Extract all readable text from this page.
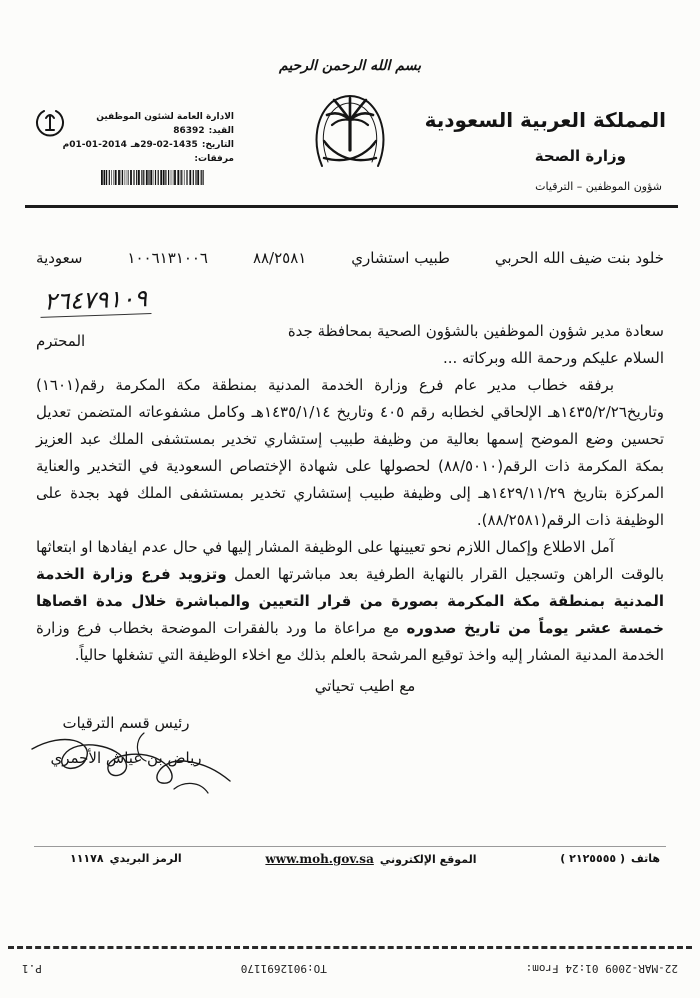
بسم الله الرحمن الرحيم
المملكة العربية السعودية
وزارة الصحة
شؤون الموظفين – الترقيات
الادارة العامة لشئون الموظفين
القيد:86392
التاريخ:1435-02-29هـ2014-01-01م
مرفقات:
خلود بنت ضيف الله الحربي
طبيب استشاري
٨٨/٢٥٨١
١٠٠٦١٣١٠٠٦
سعودية
٢٦٤٧٩١٠٩
سعادة مدير شؤون الموظفين بالشؤون الصحية بمحافظة جدة
المحترم
السلام عليكم ورحمة الله وبركاته ...

برفقه خطاب مدير عام فرع وزارة الخدمة المدنية بمنطقة مكة المكرمة رقم(١٦٠١) وتاريخ١٤٣٥/٢/٢٦هـ الإلحاقي لخطابه رقم ٤٠٥ وتاريخ ١٤٣٥/١/١٤هـ وكامل مشفوعاته المتضمن تعديل تحسين وضع الموضح إسمها بعالية من وظيفة طبيب إستشاري تخدير بمستشفى الملك عبد العزيز بمكة المكرمة ذات الرقم(٨٨/٥٠١٠) لحصولها على شهادة الإختصاص السعودية في التخدير والعناية المركزة بتاريخ ١٤٢٩/١١/٢٩هـ إلى وظيفة طبيب إستشاري تخدير بمستشفى الملك فهد بجدة على الوظيفة ذات الرقم(٨٨/٢٥٨١).

آمل الاطلاع وإكمال اللازم نحو تعيينها على الوظيفة المشار إليها في حال عدم ايفادها او ابتعاثها بالوقت الراهن وتسجيل القرار بالنهاية الطرفية بعد مباشرتها العمل وتزويد فرع وزارة الخدمة المدنية بمنطقة مكة المكرمة بصورة من قرار التعيين والمباشرة خلال مدة اقصاها خمسة عشر يوماً من تاريخ صدوره مع مراعاة ما ورد بالفقرات الموضحة بخطاب فرع وزارة الخدمة المدنية المشار إليه واخذ توقيع المرشحة بالعلم بذلك مع اخلاء الوظيفة التي تشغلها حالياً.

مع اطيب تحياتي
رئيس قسم الترقيات
رياض بن عياش الأحمري
هاتف( ٢١٢٥٥٥٥ )
الموقع الإلكترونيwww.moh.gov.sa
الرمز البريدي١١١٧٨
22-MAR-2009 01:24 From:
TO:9012691170
P.1
